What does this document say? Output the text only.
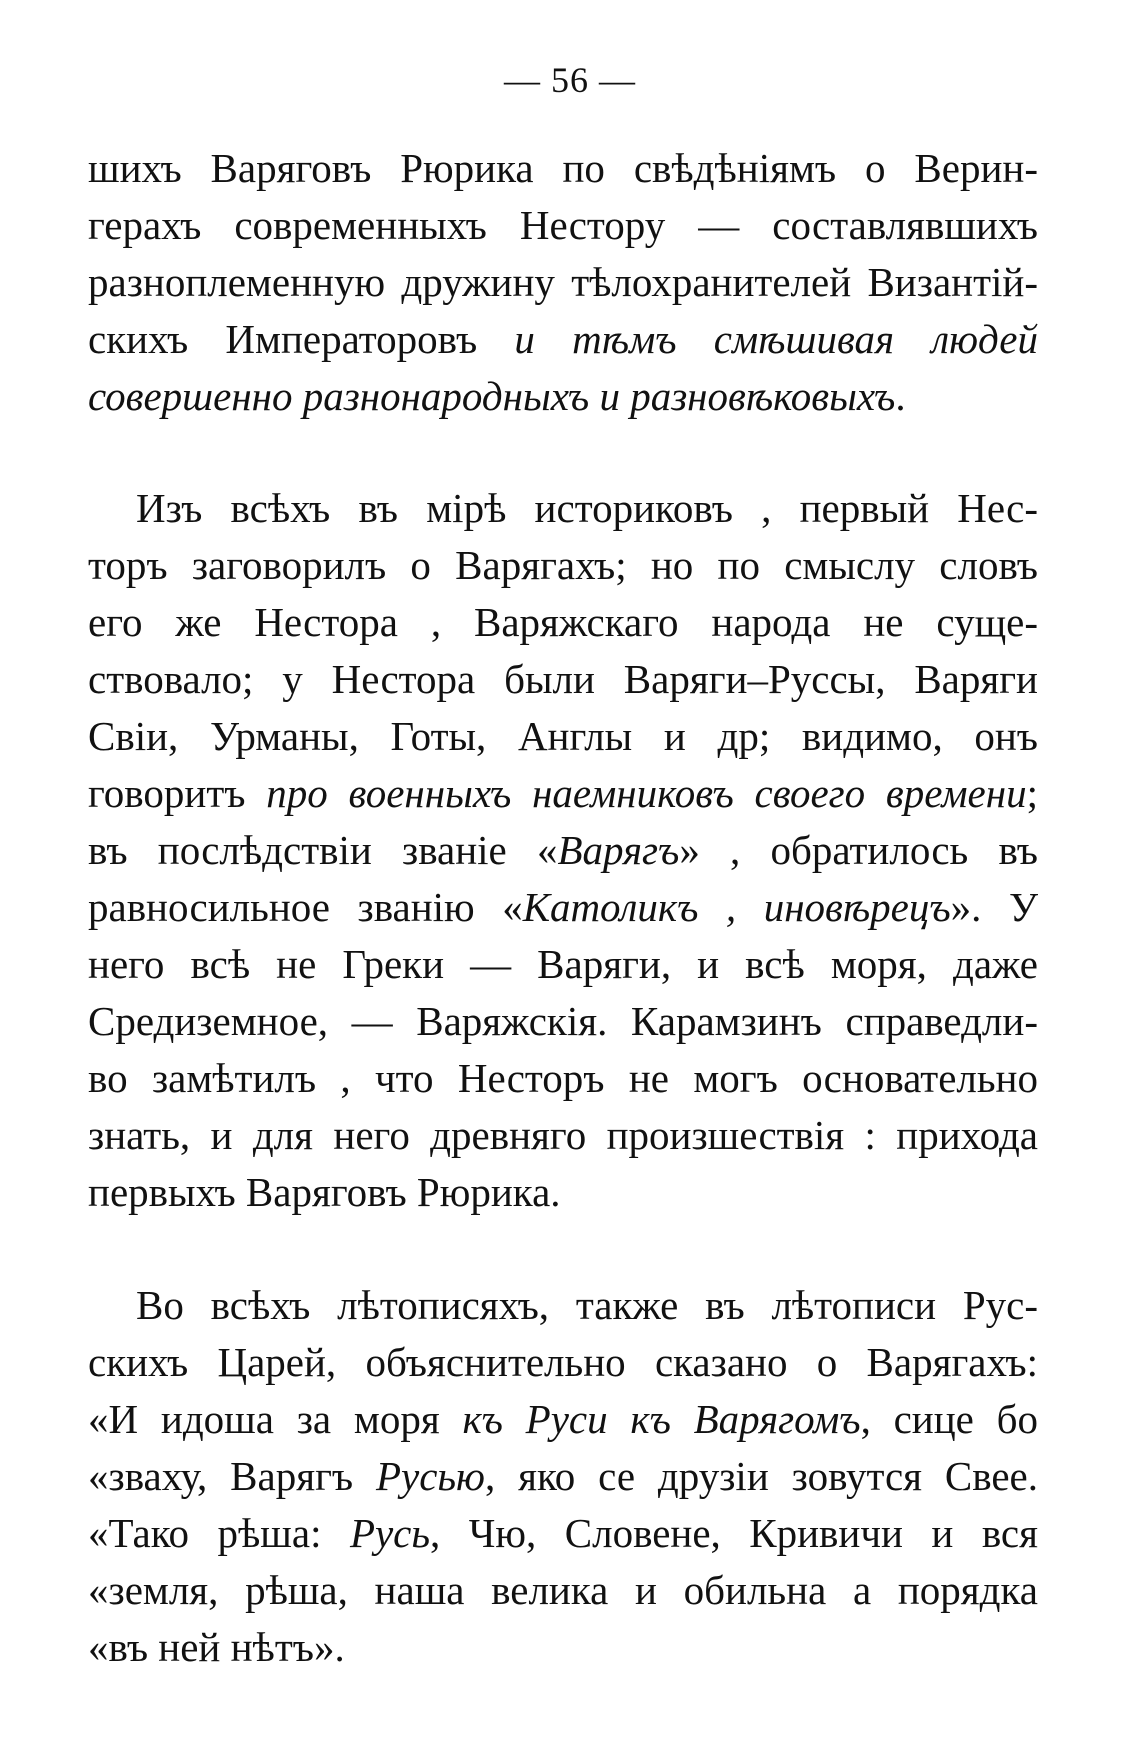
— 56 —
шихъ Варяговъ Рюрика по свѣдѣніямъ о Верин-
герахъ современныхъ Нестору — составлявшихъ
разноплеменную дружину тѣлохранителей Византій-
скихъ Императоровъ и тѣмъ смѣшивая людей
совершенно разнонародныхъ и разновѣковыхъ.
Изъ всѣхъ въ мірѣ историковъ , первый Нес-
торъ заговорилъ о Варягахъ; но по смыслу словъ
его же Нестора , Варяжскаго народа не суще-
ствовало; у Нестора были Варяги–Руссы, Варяги
Свіи, Урманы, Готы, Англы и др; видимо, онъ
говоритъ про военныхъ наемниковъ своего времени;
въ послѣдствіи званіе «Варягъ» , обратилось въ
равносильное званію «Католикъ , иновѣрецъ». У
него всѣ не Греки — Варяги, и всѣ моря, даже
Средиземное, — Варяжскія. Карамзинъ справедли-
во замѣтилъ , что Несторъ не могъ основательно
знать, и для него древняго произшествія : прихода
первыхъ Варяговъ Рюрика.
Во всѣхъ лѣтописяхъ, также въ лѣтописи Рус-
скихъ Царей, объяснительно сказано о Варягахъ:
«И идоша за моря къ Руси къ Варягомъ, сице бо
«зваху, Варягъ Русью, яко се друзіи зовутся Свее.
«Тако рѣша: Русь, Чю, Словене, Кривичи и вся
«земля, рѣша, наша велика и обильна а порядка
«въ ней нѣтъ».
